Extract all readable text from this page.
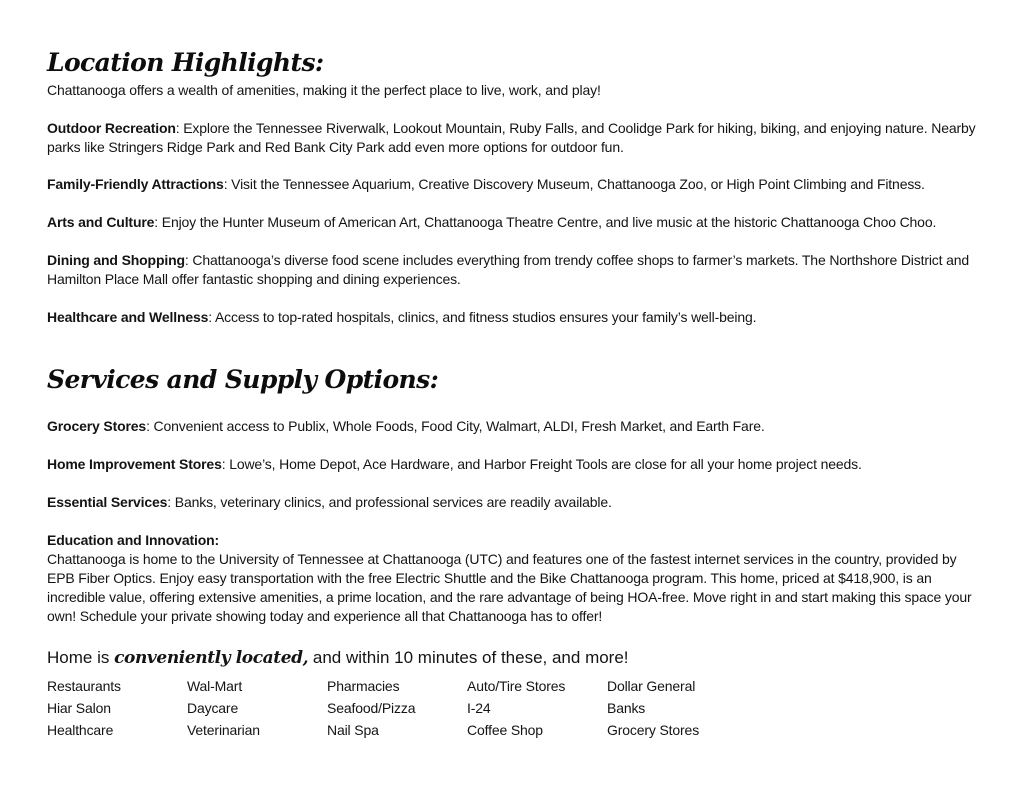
Location Highlights:
Chattanooga offers a wealth of amenities, making it the perfect place to live, work, and play!
Outdoor Recreation: Explore the Tennessee Riverwalk, Lookout Mountain, Ruby Falls, and Coolidge Park for hiking, biking, and enjoying nature. Nearby parks like Stringers Ridge Park and Red Bank City Park add even more options for outdoor fun.
Family-Friendly Attractions: Visit the Tennessee Aquarium, Creative Discovery Museum, Chattanooga Zoo, or High Point Climbing and Fitness.
Arts and Culture: Enjoy the Hunter Museum of American Art, Chattanooga Theatre Centre, and live music at the historic Chattanooga Choo Choo.
Dining and Shopping: Chattanooga’s diverse food scene includes everything from trendy coffee shops to farmer’s markets. The Northshore District and Hamilton Place Mall offer fantastic shopping and dining experiences.
Healthcare and Wellness: Access to top-rated hospitals, clinics, and fitness studios ensures your family’s well-being.
Services and Supply Options:
Grocery Stores: Convenient access to Publix, Whole Foods, Food City, Walmart, ALDI, Fresh Market, and Earth Fare.
Home Improvement Stores: Lowe’s, Home Depot, Ace Hardware, and Harbor Freight Tools are close for all your home project needs.
Essential Services: Banks, veterinary clinics, and professional services are readily available.
Education and Innovation:
Chattanooga is home to the University of Tennessee at Chattanooga (UTC) and features one of the fastest internet services in the country, provided by EPB Fiber Optics. Enjoy easy transportation with the free Electric Shuttle and the Bike Chattanooga program. This home, priced at $418,900, is an incredible value, offering extensive amenities, a prime location, and the rare advantage of being HOA-free. Move right in and start making this space your own! Schedule your private showing today and experience all that Chattanooga has to offer!
Home is conveniently located, and within 10 minutes of these, and more!
Restaurants	Wal-Mart	Pharmacies	Auto/Tire Stores	Dollar General
Hiar Salon	Daycare	Seafood/Pizza	I-24	Banks
Healthcare	Veterinarian	Nail Spa	Coffee Shop	Grocery Stores
